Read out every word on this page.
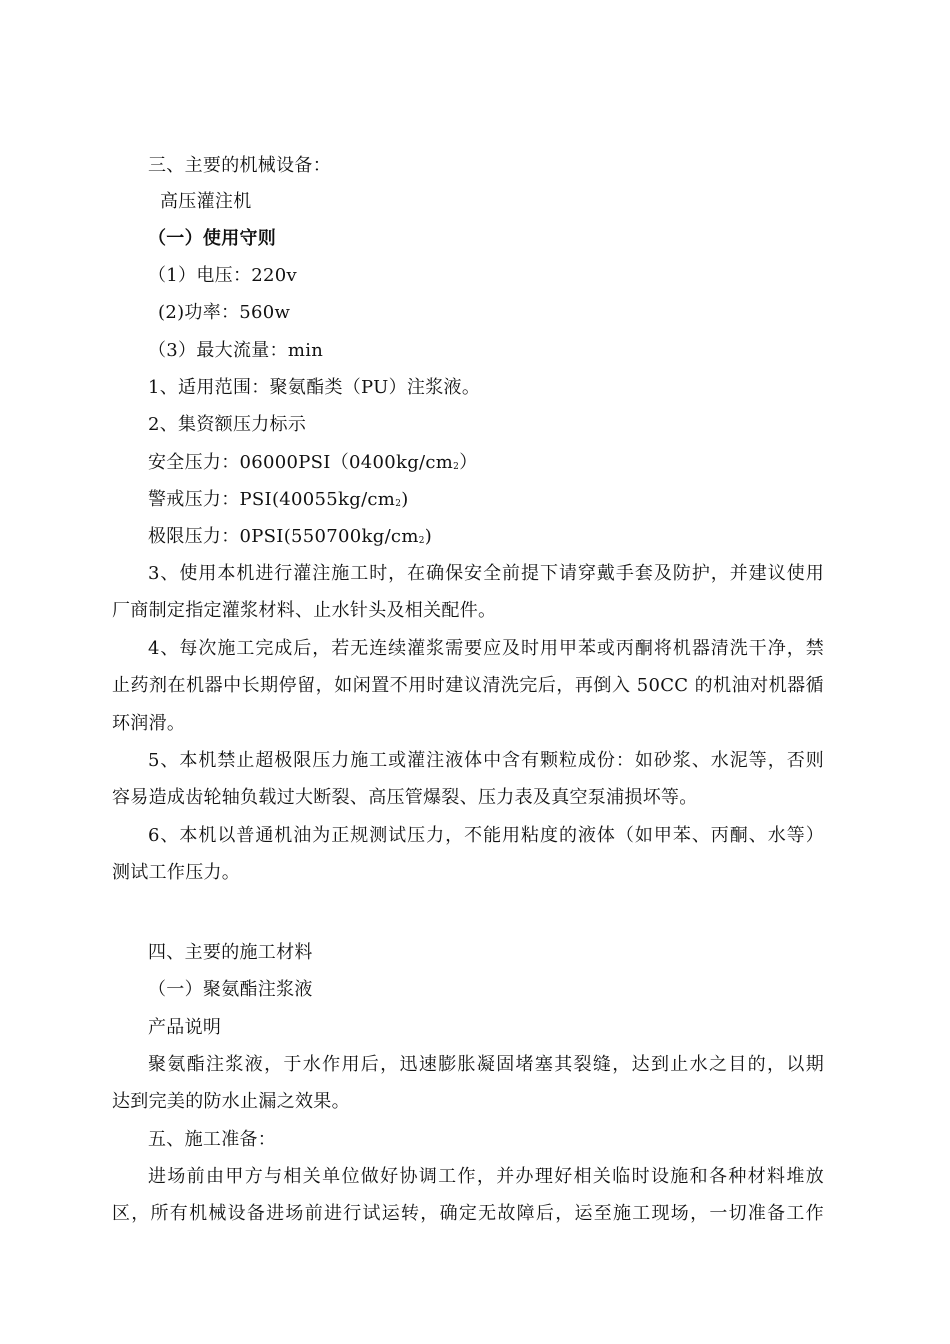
三、主要的机械设备：
高压灌注机
（一）使用守则
（1）电压：220v
(2)功率：560w
（3）最大流量：min
1、适用范围：聚氨酯类（PU）注浆液。
2、集资额压力标示
安全压力：$06000PSI(0400kg/cm_2)$
警戒压力：$PSI(40055kg/cm_2)$
极限压力：$0PSI(550700kg/cm_2)$
3、使用本机进行灌注施工时，在确保安全前提下请穿戴手套及防护，并建议使用
厂商制定指定灌浆材料、止水针头及相关配件。
4、每次施工完成后，若无连续灌浆需要应及时用甲苯或丙酮将机器清洗干净，禁
止药剂在机器中长期停留，如闲置不用时建议清洗完后，再倒入 50CC 的机油对机器循
环润滑。
5、本机禁止超极限压力施工或灌注液体中含有颗粒成份：如砂浆、水泥等，否则
容易造成齿轮轴负载过大断裂、高压管爆裂、压力表及真空泵浦损坏等。
6、本机以普通机油为正规测试压力，不能用粘度的液体（如甲苯、丙酮、水等）
测试工作压力。
四、主要的施工材料
（一）聚氨酯注浆液
产品说明
聚氨酯注浆液，于水作用后，迅速膨胀凝固堵塞其裂缝，达到止水之目的，以期
达到完美的防水止漏之效果。
五、施工准备：
进场前由甲方与相关单位做好协调工作，并办理好相关临时设施和各种材料堆放
区，所有机械设备进场前进行试运转，确定无故障后，运至施工现场，一切准备工作
